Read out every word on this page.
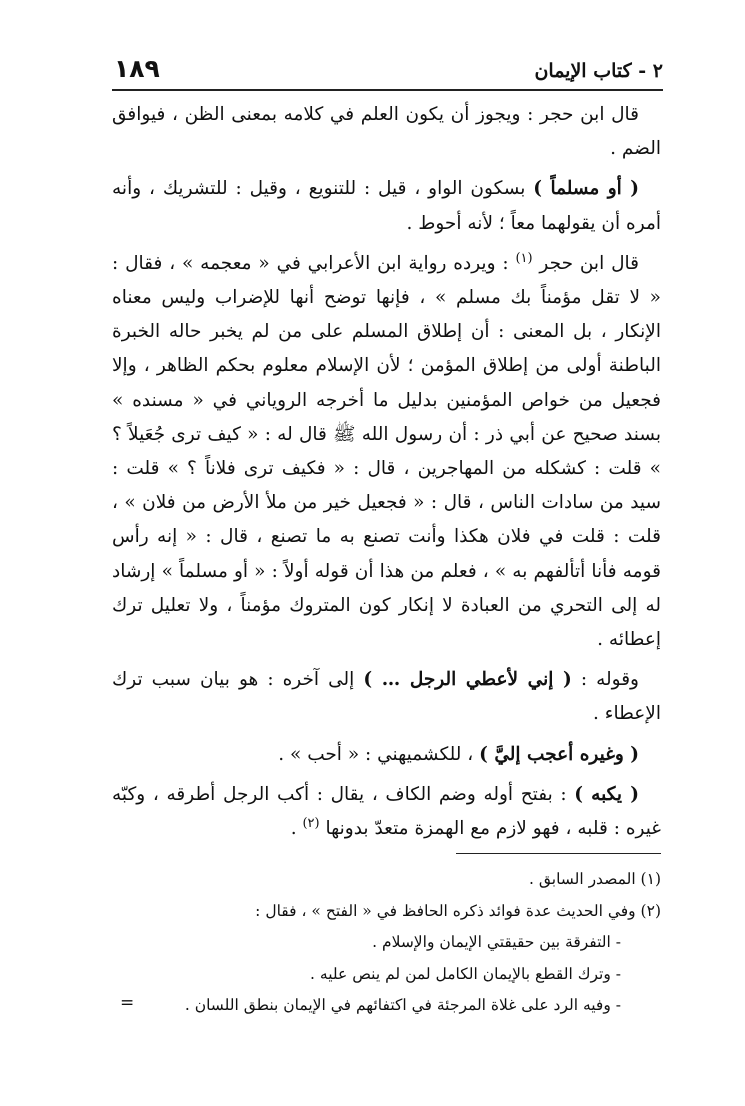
٢ - كتاب الإيمان
١٨٩

قال ابن حجر : ويجوز أن يكون العلم في كلامه بمعنى الظن ، فيوافق الضم .

( أو مسلماً ) بسكون الواو ، قيل : للتنويع ، وقيل : للتشريك ، وأنه أمره أن يقولهما معاً ؛ لأنه أحوط .

قال ابن حجر $^{(١)}$ : ويرده رواية ابن الأعرابي في « معجمه » ، فقال : « لا تقل مؤمناً بك مسلم » ، فإنها توضح أنها للإضراب وليس معناه الإنكار ، بل المعنى : أن إطلاق المسلم على من لم يخبر حاله الخبرة الباطنة أولى من إطلاق المؤمن ؛ لأن الإسلام معلوم بحكم الظاهر ، وإلا فجعيل من خواص المؤمنين بدليل ما أخرجه الروياني في « مسنده » بسند صحيح عن أبي ذر : أن رسول الله ﷺ قال له : « كيف ترى جُعَيلاً ؟ » قلت : كشكله من المهاجرين ، قال : « فكيف ترى فلاناً ؟ » قلت : سيد من سادات الناس ، قال : « فجعيل خير من ملأ الأرض من فلان » ، قلت : قلت في فلان هكذا وأنت تصنع به ما تصنع ، قال : « إنه رأس قومه فأنا أتألفهم به » ، فعلم من هذا أن قوله أولاً : « أو مسلماً » إرشاد له إلى التحري من العبادة لا إنكار كون المتروك مؤمناً ، ولا تعليل ترك إعطائه .

وقوله : ( إني لأعطي الرجل … ) إلى آخره : هو بيان سبب ترك الإعطاء .

( وغيره أعجب إليَّ ) ، للكشميهني : « أحب » .

( يكبه ) : بفتح أوله وضم الكاف ، يقال : أكب الرجل أطرقه ، وكبّه غيره : قلبه ، فهو لازم مع الهمزة متعدّ بدونها $^{(٢)}$ .

(١) المصدر السابق .

(٢) وفي الحديث عدة فوائد ذكره الحافظ في « الفتح » ، فقال :

- التفرقة بين حقيقتي الإيمان والإسلام .

- وترك القطع بالإيمان الكامل لمن لم ينص عليه .

- وفيه الرد على غلاة المرجئة في اكتفائهم في الإيمان بنطق اللسان .

=
